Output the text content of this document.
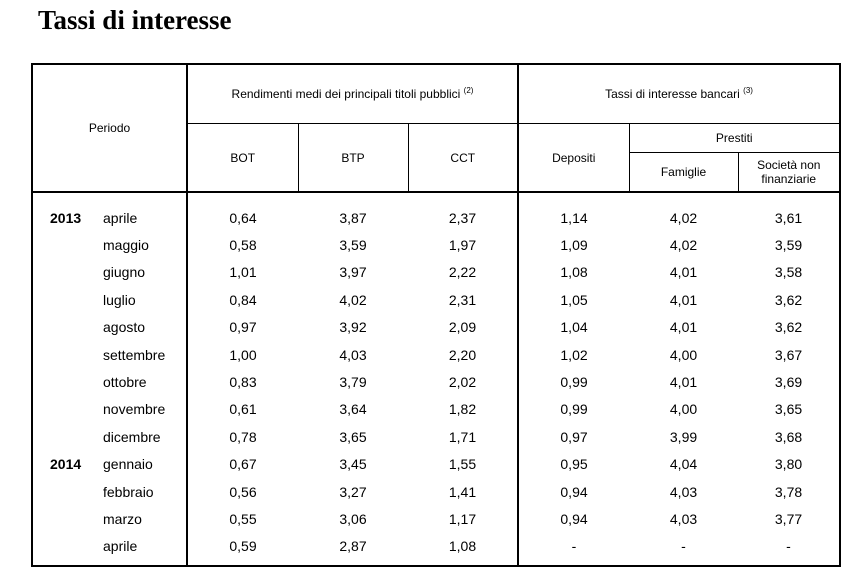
Tassi di interesse
Periodo	Rendimenti medi dei principali titoli pubblici $^{(2)}$			Tassi di interesse bancari $^{(3)}$
	BOT	BTP	CCT	Depositi	Prestiti	
					Famiglie	Società non
finanziarie
2013 aprile	0,64	3,87	2,37	1,14	4,02	3,61
maggio	0,58	3,59	1,97	1,09	4,02	3,59
giugno	1,01	3,97	2,22	1,08	4,01	3,58
luglio	0,84	4,02	2,31	1,05	4,01	3,62
agosto	0,97	3,92	2,09	1,04	4,01	3,62
settembre	1,00	4,03	2,20	1,02	4,00	3,67
ottobre	0,83	3,79	2,02	0,99	4,01	3,69
novembre	0,61	3,64	1,82	0,99	4,00	3,65
dicembre	0,78	3,65	1,71	0,97	3,99	3,68
2014 gennaio	0,67	3,45	1,55	0,95	4,04	3,80
febbraio	0,56	3,27	1,41	0,94	4,03	3,78
marzo	0,55	3,06	1,17	0,94	4,03	3,77
aprile	0,59	2,87	1,08	-	-	-
